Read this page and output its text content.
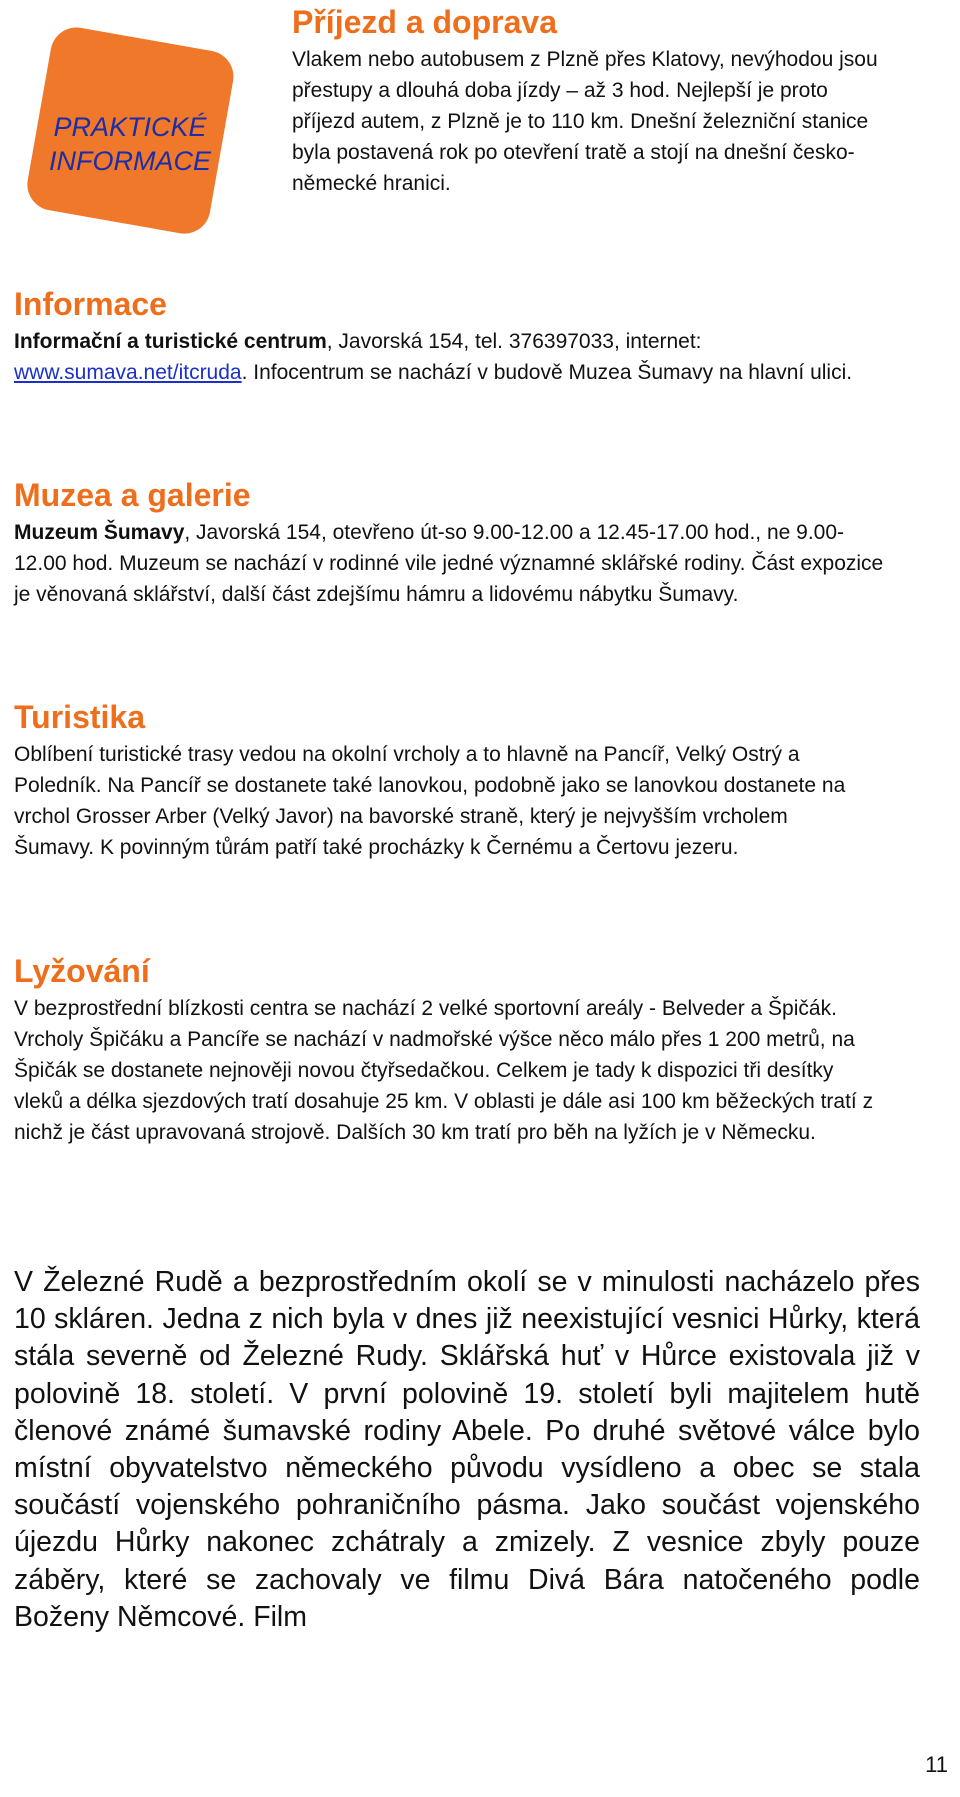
PRAKTICKÉ
INFORMACE
Příjezd a doprava

Vlakem nebo autobusem z Plzně přes Klatovy, nevýhodou jsou přestupy a dlouhá doba jízdy – až 3 hod. Nejlepší je proto příjezd autem, z Plzně je to 110 km. Dnešní železniční stanice byla postavená rok po otevření tratě a stojí na dnešní česko-německé hranici.

Informace

Informační a turistické centrum, Javorská 154, tel. 376397033, internet: www.sumava.net/itcruda. Infocentrum se nachází v budově Muzea Šumavy na hlavní ulici.

Muzea a galerie

Muzeum Šumavy, Javorská 154, otevřeno út-so 9.00-12.00 a 12.45-17.00 hod., ne 9.00-12.00 hod. Muzeum se nachází v rodinné vile jedné významné sklářské rodiny. Část expozice je věnovaná sklářství, další část zdejšímu hámru a lidovému nábytku Šumavy.

Turistika

Oblíbení turistické trasy vedou na okolní vrcholy a to hlavně na Pancíř, Velký Ostrý a Poledník. Na Pancíř se dostanete také lanovkou, podobně jako se lanovkou dostanete na vrchol Grosser Arber (Velký Javor) na bavorské straně, který je nejvyšším vrcholem Šumavy. K povinným tůrám patří také procházky k Černému a Čertovu jezeru.

Lyžování

V bezprostřední blízkosti centra se nachází 2 velké sportovní areály - Belveder a Špičák. Vrcholy Špičáku a Pancíře se nachází v nadmořské výšce něco málo přes 1 200 metrů, na Špičák se dostanete nejnověji novou čtyřsedačkou. Celkem je tady k dispozici tři desítky vleků a délka sjezdových tratí dosahuje 25 km. V oblasti je dále asi 100 km běžeckých tratí z nichž je část upravovaná strojově. Dalších 30 km tratí pro běh na lyžích je v Německu.

V Železné Rudě a bezprostředním okolí se v minulosti nacházelo přes 10 skláren. Jedna z nich byla v dnes již neexistující vesnici Hůrky, která stála severně od Železné Rudy. Sklářská huť v Hůrce existovala již v polovině 18. století. V první polovině 19. století byli majitelem hutě členové známé šumavské rodiny Abele. Po druhé světové válce bylo místní obyvatelstvo německého původu vysídleno a obec se stala součástí vojenského pohraničního pásma. Jako součást vojenského újezdu Hůrky nakonec zchátraly a zmizely. Z vesnice zbyly pouze záběry, které se zachovaly ve filmu Divá Bára natočeného podle Boženy Němcové. Film

11
